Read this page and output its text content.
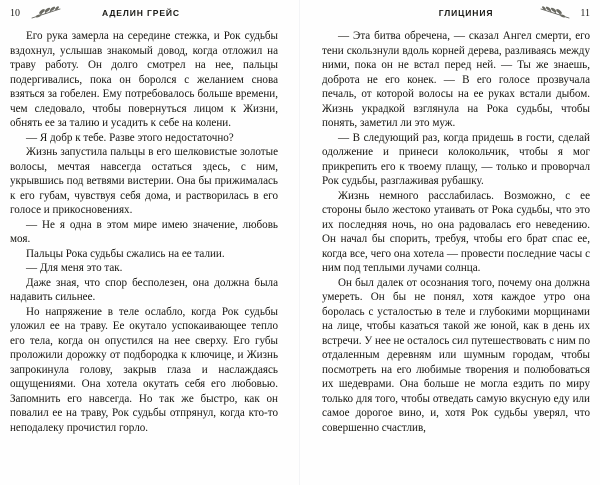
10	АДЕЛИН ГРЕЙС

Его рука замерла на середине стежка, и Рок судьбы вздохнул, услышав знакомый довод, когда отложил на траву работу. Он долго смотрел на нее, пальцы подергивались, пока он боролся с желанием снова взяться за гобелен. Ему потребовалось больше времени, чем следовало, чтобы повернуться лицом к Жизни, обнять ее за талию и усадить к себе на колени.

— Я добр к тебе. Разве этого недостаточно?

Жизнь запустила пальцы в его шелковистые золотые волосы, мечтая навсегда остаться здесь, с ним, укрывшись под ветвями вистерии. Она бы прижималась к его губам, чувствуя себя дома, и растворилась в его голосе и прикосновениях.

— Не я одна в этом мире имею значение, любовь моя.

Пальцы Рока судьбы сжались на ее талии.

— Для меня это так.

Даже зная, что спор бесполезен, она должна была надавить сильнее.

Но напряжение в теле ослабло, когда Рок судьбы уложил ее на траву. Ее окутало успокаивающее тепло его тела, когда он опустился на нее сверху. Его губы проложили дорожку от подбородка к ключице, и Жизнь запрокинула голову, закрыв глаза и наслаждаясь ощущениями. Она хотела окутать себя его любовью. Запомнить его навсегда. Но так же быстро, как он повалил ее на траву, Рок судьбы отпрянул, когда кто-то неподалеку прочистил горло.

ГЛИЦИНИЯ	11

— Эта битва обречена, — сказал Ангел смерти, его тени скользнули вдоль корней дерева, разливаясь между ними, пока он не встал перед ней. — Ты же знаешь, доброта не его конек. — В его голосе прозвучала печаль, от которой волосы на ее руках встали дыбом. Жизнь украдкой взглянула на Рока судьбы, чтобы понять, заметил ли это муж.

— В следующий раз, когда придешь в гости, сделай одолжение и принеси колокольчик, чтобы я мог прикрепить его к твоему плащу, — только и проворчал Рок судьбы, разглаживая рубашку.

Жизнь немного расслабилась. Возможно, с ее стороны было жестоко утаивать от Рока судьбы, что это их последняя ночь, но она радовалась его неведению. Он начал бы спорить, требуя, чтобы его брат спас ее, когда все, чего она хотела — провести последние часы с ним под теплыми лучами солнца.

Он был далек от осознания того, почему она должна умереть. Он бы не понял, хотя каждое утро она боролась с усталостью в теле и глубокими морщинами на лице, чтобы казаться такой же юной, как в день их встречи. У нее не осталось сил путешествовать с ним по отдаленным деревням или шумным городам, чтобы посмотреть на его любимые творения и полюбоваться их шедеврами. Она больше не могла ездить по миру только для того, чтобы отведать самую вкусную еду или самое дорогое вино, и, хотя Рок судьбы уверял, что совершенно счастлив,
